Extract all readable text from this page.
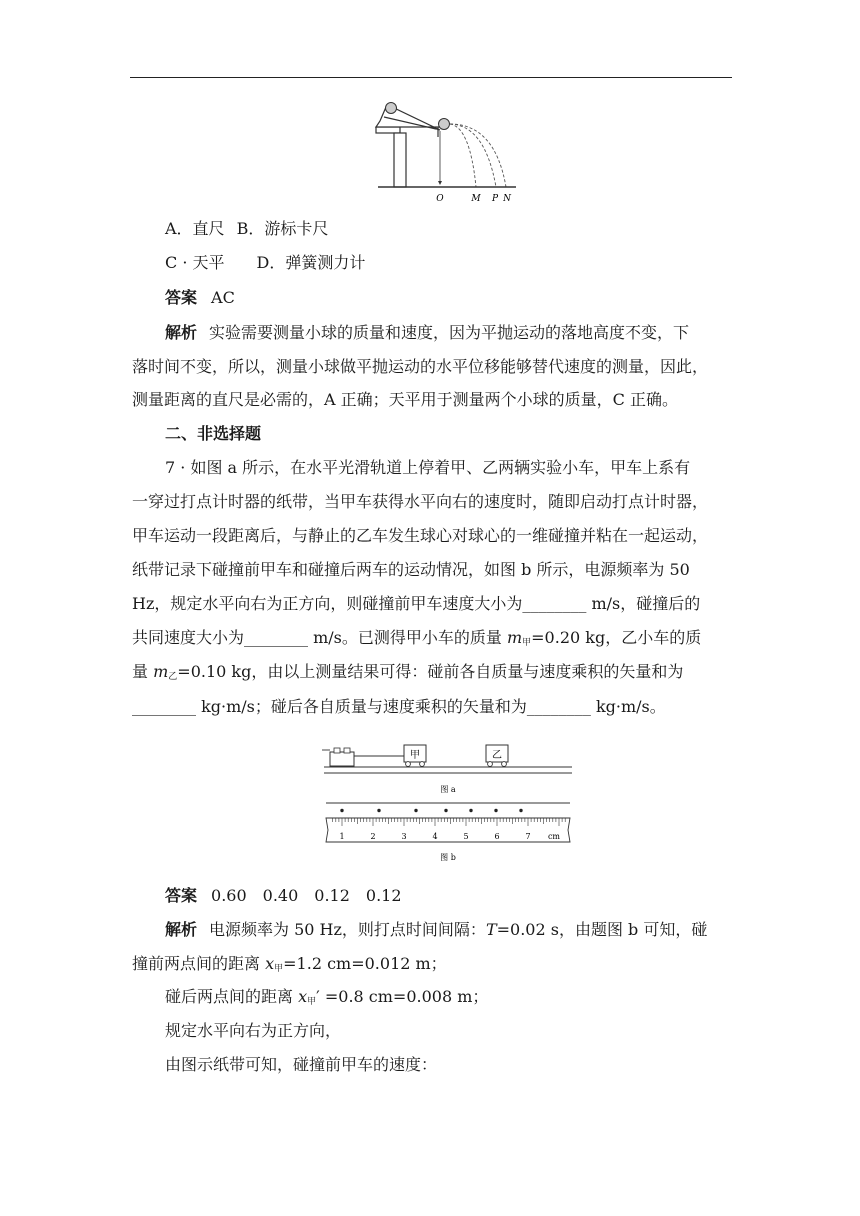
O	M P N
A．直尺 B．游标卡尺
C · 天平 D．弹簧测力计
答案 AC
解析 实验需要测量小球的质量和速度，因为平抛运动的落地高度不变，下
落时间不变，所以，测量小球做平抛运动的水平位移能够替代速度的测量，因此，
测量距离的直尺是必需的，A 正确；天平用于测量两个小球的质量，C 正确。
二、非选择题
7 · 如图 a 所示，在水平光滑轨道上停着甲、乙两辆实验小车，甲车上系有
一穿过打点计时器的纸带，当甲车获得水平向右的速度时，随即启动打点计时器，
甲车运动一段距离后，与静止的乙车发生球心对球心的一维碰撞并粘在一起运动，
纸带记录下碰撞前甲车和碰撞后两车的运动情况，如图 b 所示，电源频率为 50
Hz，规定水平向右为正方向，则碰撞前甲车速度大小为________ m/s，碰撞后的
共同速度大小为________ m/s。已测得甲小车的质量 $m_甲=0.20$ kg，乙小车的质
量 $m_乙=0.10$ kg，由以上测量结果可得：碰前各自质量与速度乘积的矢量和为
________ kg·m/s；碰后各自质量与速度乘积的矢量和为________ kg·m/s。
甲	乙
图 a
1	2	3	4	5	6	7 cm
图 b
答案 0.60　0.40　0.12　0.12
解析 电源频率为 50 Hz，则打点时间间隔：T=0.02 s，由题图 b 可知，碰
撞前两点间的距离 $x_甲=1.2$ cm=0.012 m；
碰后两点间的距离 $x_甲' =0.8$ cm=0.008 m；
规定水平向右为正方向，
由图示纸带可知，碰撞前甲车的速度：
